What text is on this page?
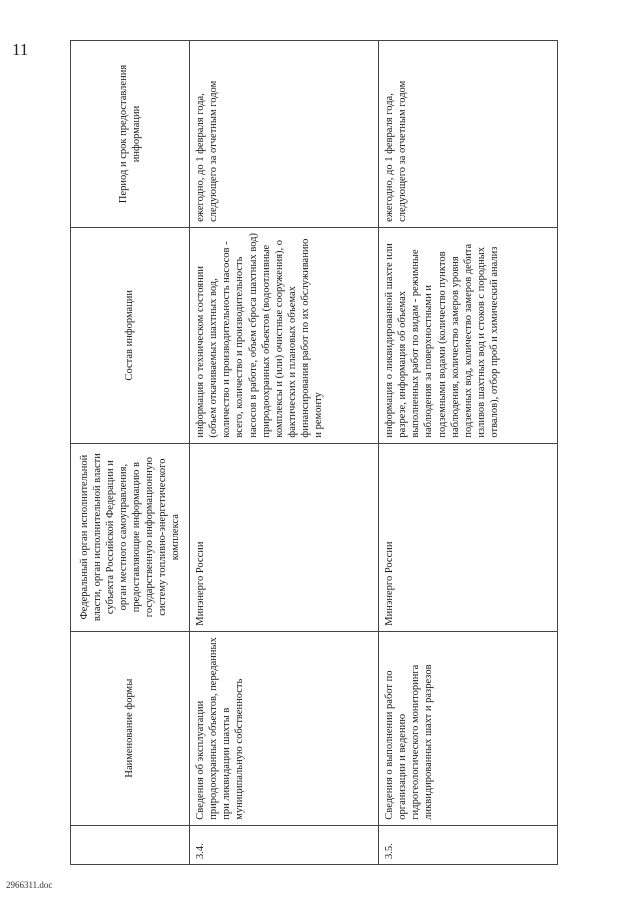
11
	Наименование формы	Федеральный орган исполнительной власти, орган исполнительной власти субъекта Российской Федерации и орган местного самоуправления, предоставляющие информацию в государственную информационную систему топливно-энергетического комплекса	Состав информации	Период и срок предоставления информации
3.4.	Сведения об эксплуатации природоохранных объектов, переданных при ликвидации шахты в муниципальную собственность	Минэнерго России	информация о техническом состоянии (объем откачиваемых шахтных вод, количество и производительность насосов - всего, количество и производительность насосов в работе, объем сброса шахтных вод) природоохранных объектов (водоотливные комплексы и (или) очистные сооружения), о фактических и плановых объемах финансирования работ по их обслуживанию и ремонту	ежегодно, до 1 февраля года, следующего за отчетным годом
3.5.	Сведения о выполнении работ по организации и ведению гидрогеологического мониторинга ликвидированных шахт и разрезов	Минэнерго России	информация о ликвидированной шахте или разрезе, информация об объемах выполненных работ по видам - режимные наблюдения за поверхностными и подземными водами (количество пунктов наблюдения, количество замеров уровня подземных вод, количество замеров дебита изливов шахтных вод и стоков с породных отвалов), отбор проб и химический анализ	ежегодно, до 1 февраля года, следующего за отчетным годом
2966311.doc
